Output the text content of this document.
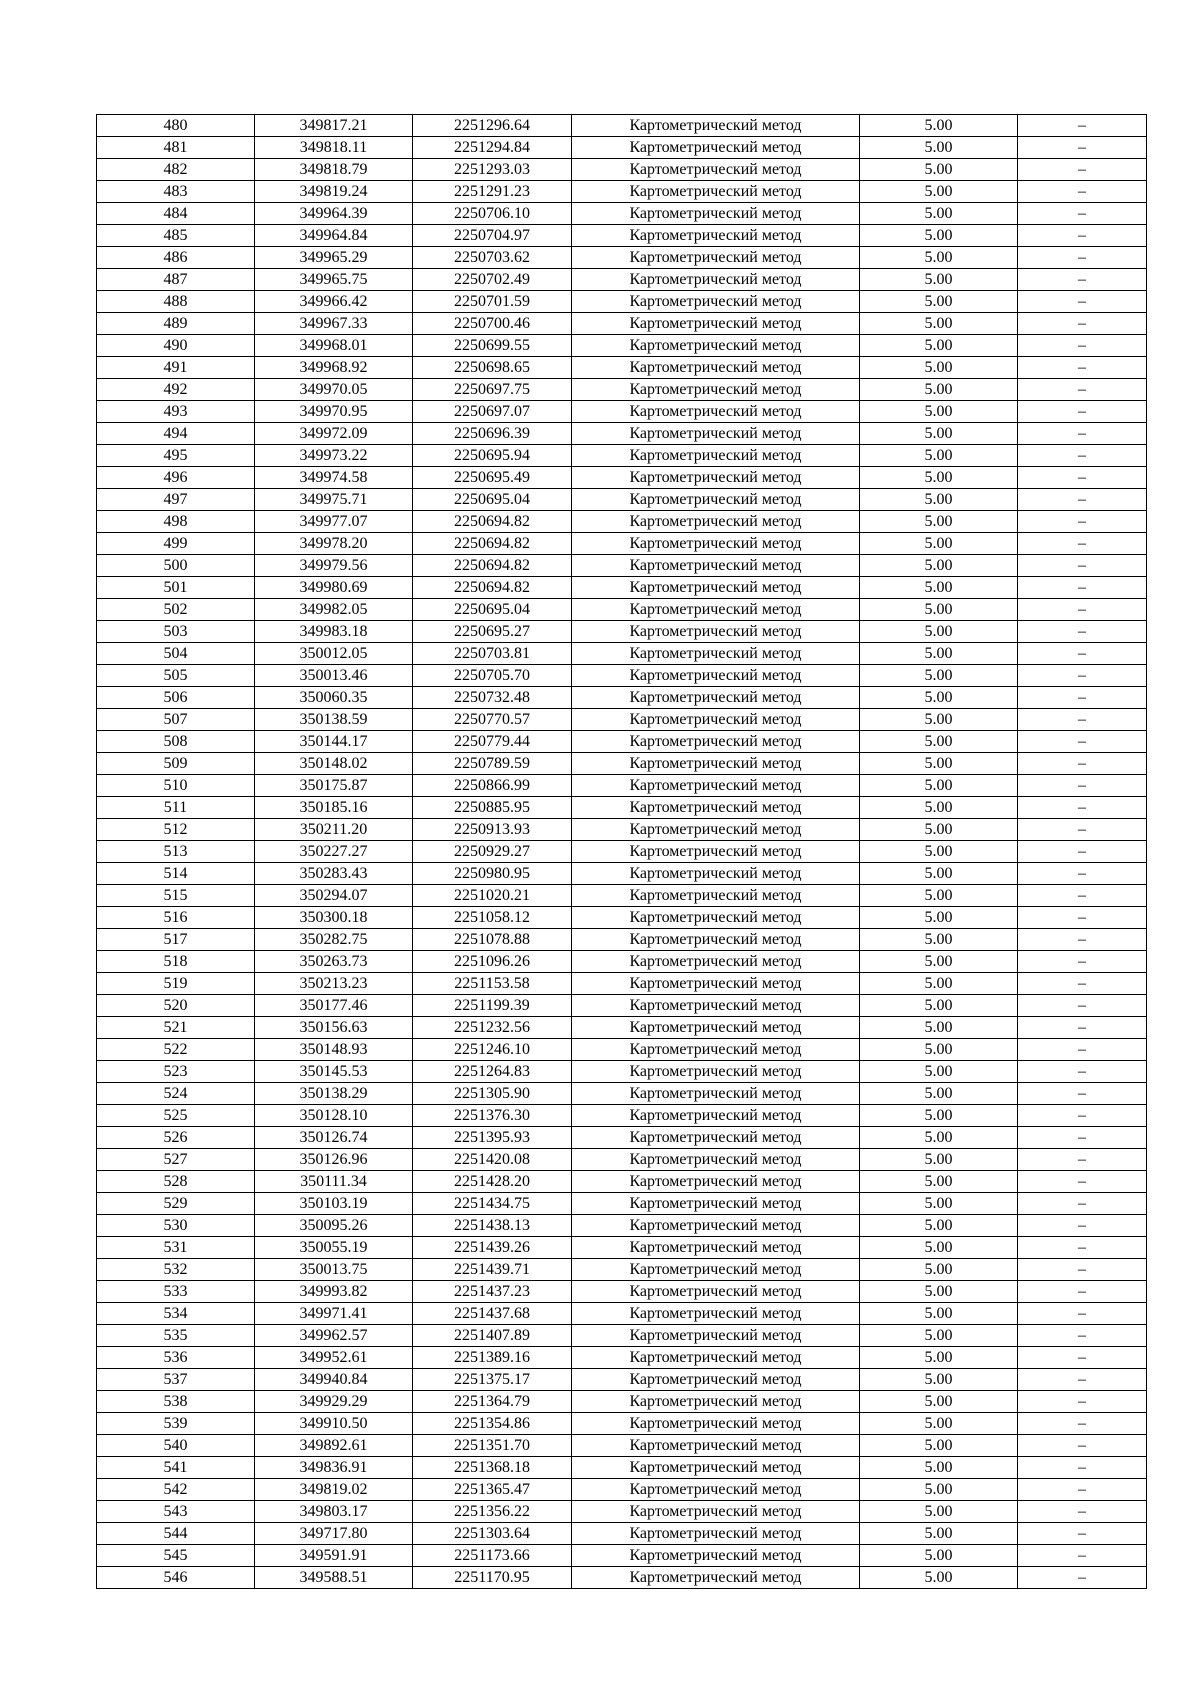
480	349817.21	2251296.64	Картометрический метод	5.00	–
481	349818.11	2251294.84	Картометрический метод	5.00	–
482	349818.79	2251293.03	Картометрический метод	5.00	–
483	349819.24	2251291.23	Картометрический метод	5.00	–
484	349964.39	2250706.10	Картометрический метод	5.00	–
485	349964.84	2250704.97	Картометрический метод	5.00	–
486	349965.29	2250703.62	Картометрический метод	5.00	–
487	349965.75	2250702.49	Картометрический метод	5.00	–
488	349966.42	2250701.59	Картометрический метод	5.00	–
489	349967.33	2250700.46	Картометрический метод	5.00	–
490	349968.01	2250699.55	Картометрический метод	5.00	–
491	349968.92	2250698.65	Картометрический метод	5.00	–
492	349970.05	2250697.75	Картометрический метод	5.00	–
493	349970.95	2250697.07	Картометрический метод	5.00	–
494	349972.09	2250696.39	Картометрический метод	5.00	–
495	349973.22	2250695.94	Картометрический метод	5.00	–
496	349974.58	2250695.49	Картометрический метод	5.00	–
497	349975.71	2250695.04	Картометрический метод	5.00	–
498	349977.07	2250694.82	Картометрический метод	5.00	–
499	349978.20	2250694.82	Картометрический метод	5.00	–
500	349979.56	2250694.82	Картометрический метод	5.00	–
501	349980.69	2250694.82	Картометрический метод	5.00	–
502	349982.05	2250695.04	Картометрический метод	5.00	–
503	349983.18	2250695.27	Картометрический метод	5.00	–
504	350012.05	2250703.81	Картометрический метод	5.00	–
505	350013.46	2250705.70	Картометрический метод	5.00	–
506	350060.35	2250732.48	Картометрический метод	5.00	–
507	350138.59	2250770.57	Картометрический метод	5.00	–
508	350144.17	2250779.44	Картометрический метод	5.00	–
509	350148.02	2250789.59	Картометрический метод	5.00	–
510	350175.87	2250866.99	Картометрический метод	5.00	–
511	350185.16	2250885.95	Картометрический метод	5.00	–
512	350211.20	2250913.93	Картометрический метод	5.00	–
513	350227.27	2250929.27	Картометрический метод	5.00	–
514	350283.43	2250980.95	Картометрический метод	5.00	–
515	350294.07	2251020.21	Картометрический метод	5.00	–
516	350300.18	2251058.12	Картометрический метод	5.00	–
517	350282.75	2251078.88	Картометрический метод	5.00	–
518	350263.73	2251096.26	Картометрический метод	5.00	–
519	350213.23	2251153.58	Картометрический метод	5.00	–
520	350177.46	2251199.39	Картометрический метод	5.00	–
521	350156.63	2251232.56	Картометрический метод	5.00	–
522	350148.93	2251246.10	Картометрический метод	5.00	–
523	350145.53	2251264.83	Картометрический метод	5.00	–
524	350138.29	2251305.90	Картометрический метод	5.00	–
525	350128.10	2251376.30	Картометрический метод	5.00	–
526	350126.74	2251395.93	Картометрический метод	5.00	–
527	350126.96	2251420.08	Картометрический метод	5.00	–
528	350111.34	2251428.20	Картометрический метод	5.00	–
529	350103.19	2251434.75	Картометрический метод	5.00	–
530	350095.26	2251438.13	Картометрический метод	5.00	–
531	350055.19	2251439.26	Картометрический метод	5.00	–
532	350013.75	2251439.71	Картометрический метод	5.00	–
533	349993.82	2251437.23	Картометрический метод	5.00	–
534	349971.41	2251437.68	Картометрический метод	5.00	–
535	349962.57	2251407.89	Картометрический метод	5.00	–
536	349952.61	2251389.16	Картометрический метод	5.00	–
537	349940.84	2251375.17	Картометрический метод	5.00	–
538	349929.29	2251364.79	Картометрический метод	5.00	–
539	349910.50	2251354.86	Картометрический метод	5.00	–
540	349892.61	2251351.70	Картометрический метод	5.00	–
541	349836.91	2251368.18	Картометрический метод	5.00	–
542	349819.02	2251365.47	Картометрический метод	5.00	–
543	349803.17	2251356.22	Картометрический метод	5.00	–
544	349717.80	2251303.64	Картометрический метод	5.00	–
545	349591.91	2251173.66	Картометрический метод	5.00	–
546	349588.51	2251170.95	Картометрический метод	5.00	–
